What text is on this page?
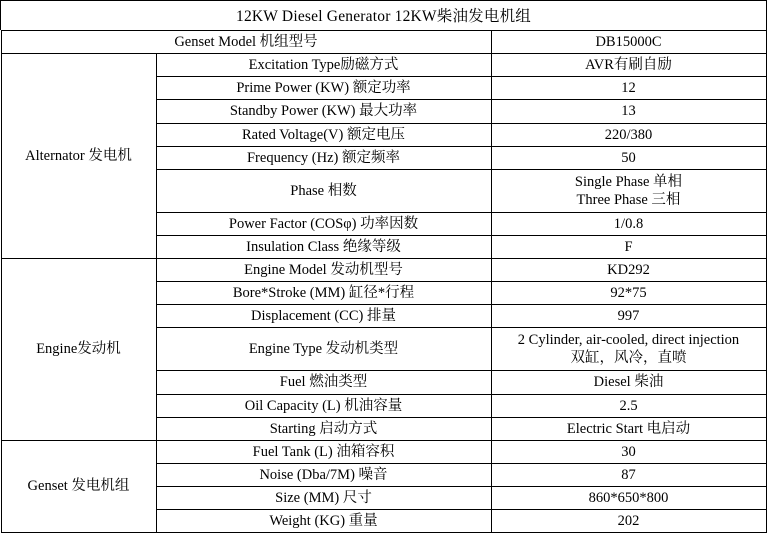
12KW Diesel Generator 12KW柴油发电机组
Genset Model 机组型号		DB15000C
Alternator 发电机	Excitation Type励磁方式	AVR有刷自励
	Prime Power (KW) 额定功率	12
	Standby Power (KW) 最大功率	13
	Rated Voltage(V) 额定电压	220/380
	Frequency (Hz) 额定频率	50
	Phase 相数	Single Phase 单相
Three Phase 三相
	Power Factor (COSφ) 功率因数	1/0.8
	Insulation Class 绝缘等级	F
Engine发动机	Engine Model 发动机型号	KD292
	Bore*Stroke (MM) 缸径*行程	92*75
	Displacement (CC) 排量	997
	Engine Type 发动机类型	2 Cylinder, air-cooled, direct injection
双缸，风冷，直喷
	Fuel 燃油类型	Diesel 柴油
	Oil Capacity (L) 机油容量	2.5
	Starting 启动方式	Electric Start 电启动
Genset 发电机组	Fuel Tank (L) 油箱容积	30
	Noise (Dba/7M) 噪音	87
	Size (MM) 尺寸	860*650*800
	Weight (KG) 重量	202
